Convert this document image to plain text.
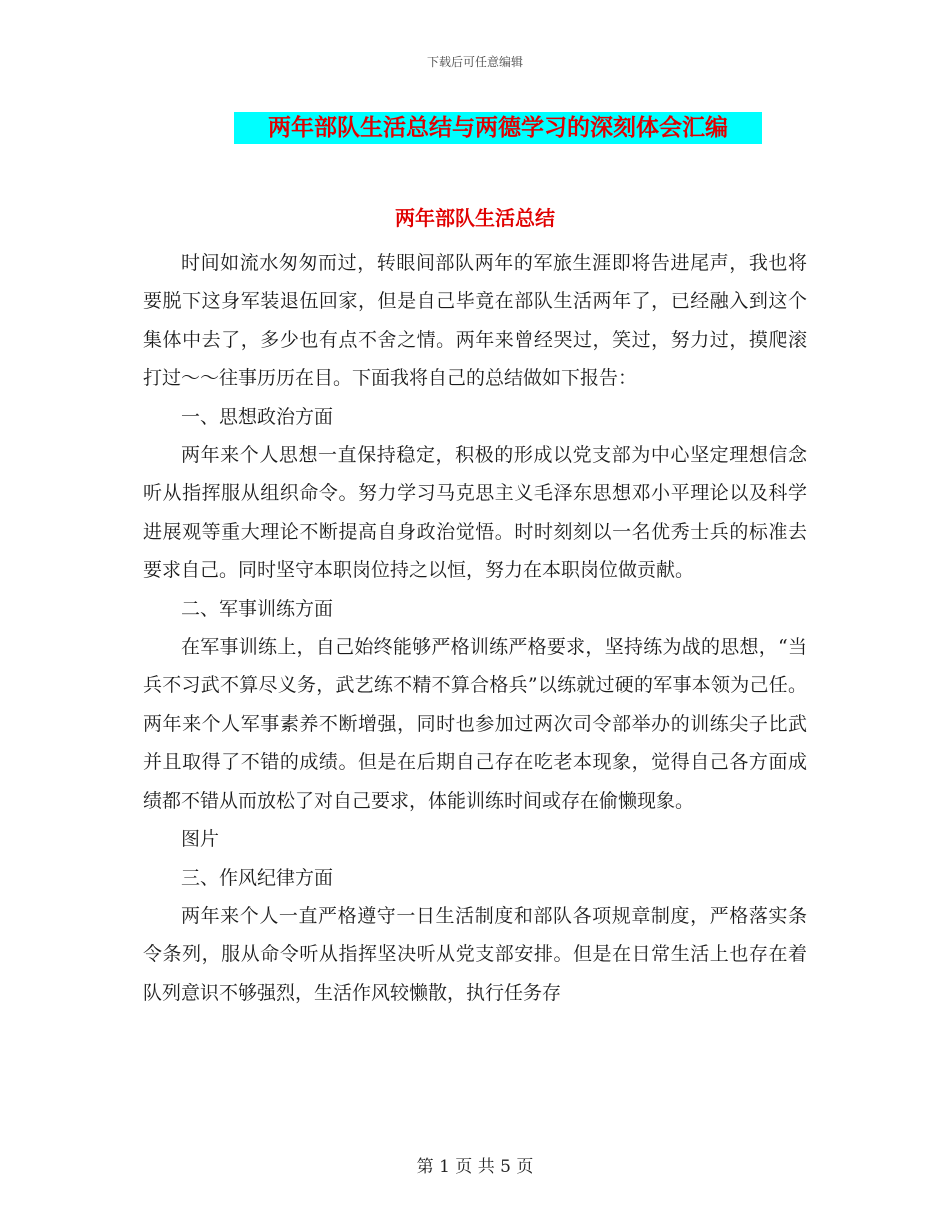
下载后可任意编辑
两年部队生活总结与两德学习的深刻体会汇编
两年部队生活总结

时间如流水匆匆而过，转眼间部队两年的军旅生涯即将告进尾声，我也将要脱下这身军装退伍回家，但是自己毕竟在部队生活两年了，已经融入到这个集体中去了，多少也有点不舍之情。两年来曾经哭过，笑过，努力过，摸爬滚打过～～往事历历在目。下面我将自己的总结做如下报告：

一、思想政治方面

两年来个人思想一直保持稳定，积极的形成以党支部为中心坚定理想信念听从指挥服从组织命令。努力学习马克思主义毛泽东思想邓小平理论以及科学进展观等重大理论不断提高自身政治觉悟。时时刻刻以一名优秀士兵的标准去要求自己。同时坚守本职岗位持之以恒，努力在本职岗位做贡献。

二、军事训练方面

在军事训练上，自己始终能够严格训练严格要求，坚持练为战的思想，“当兵不习武不算尽义务，武艺练不精不算合格兵”以练就过硬的军事本领为己任。两年来个人军事素养不断增强，同时也参加过两次司令部举办的训练尖子比武并且取得了不错的成绩。但是在后期自己存在吃老本现象，觉得自己各方面成绩都不错从而放松了对自己要求，体能训练时间或存在偷懒现象。

图片

三、作风纪律方面

两年来个人一直严格遵守一日生活制度和部队各项规章制度，严格落实条令条列，服从命令听从指挥坚决听从党支部安排。但是在日常生活上也存在着队列意识不够强烈，生活作风较懒散，执行任务存

第 1 页 共 5 页
